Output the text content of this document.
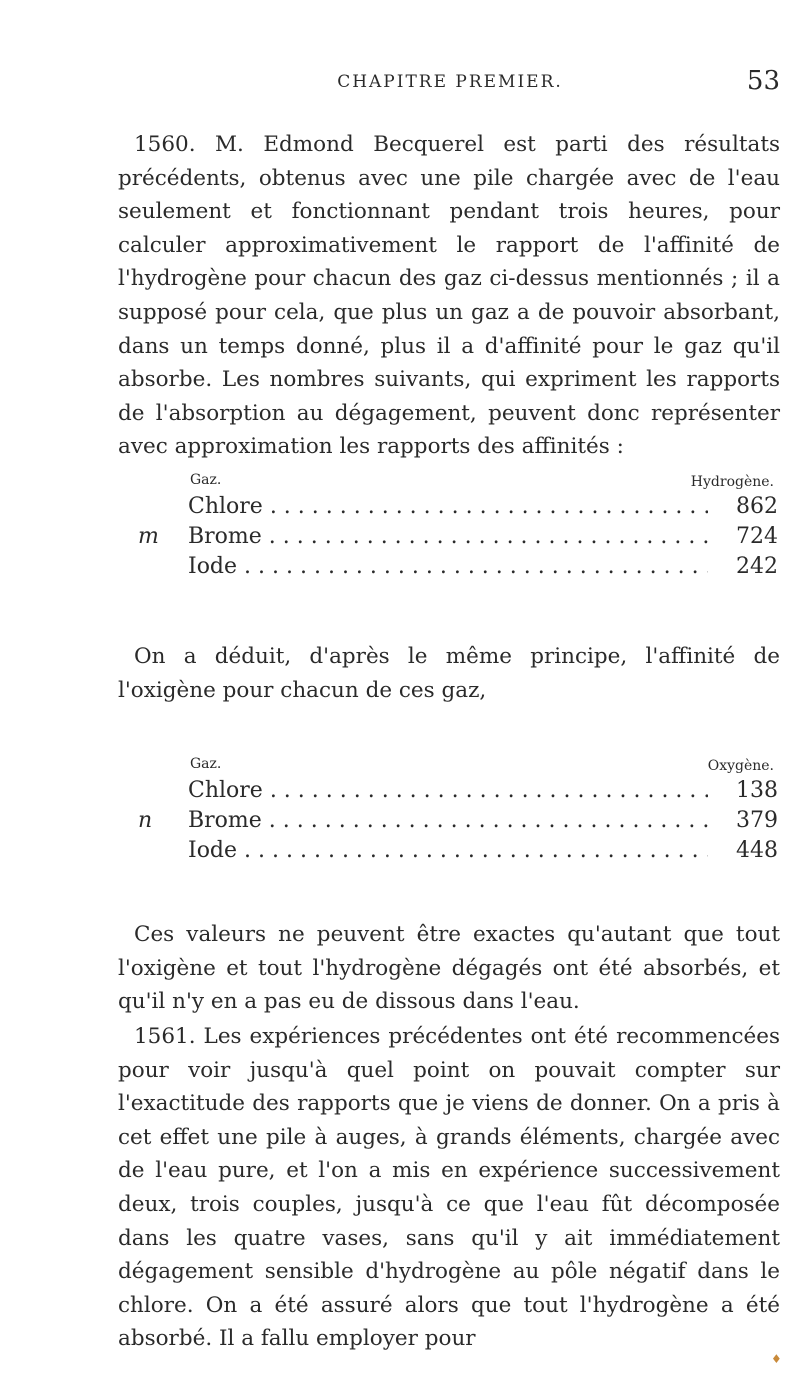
CHAPITRE PREMIER.	53

1560. M. Edmond Becquerel est parti des résultats précédents, obtenus avec une pile chargée avec de l'eau seulement et fonctionnant pendant trois heures, pour calculer approximativement le rapport de l'affinité de l'hydrogène pour chacun des gaz ci-dessus mentionnés ; il a supposé pour cela, que plus un gaz a de pouvoir absorbant, dans un temps donné, plus il a d'affinité pour le gaz qu'il absorbe. Les nombres suivants, qui expriment les rapports de l'absorption au dégagement, peuvent donc représenter avec approximation les rapports des affinités :

Gaz.	Hydrogène.
Chlore . . .	862
m Brome . . .	724
Iode . . .	242

On a déduit, d'après le même principe, l'affinité de l'oxigène pour chacun de ces gaz,

Gaz.	Oxygène.
Chlore . . .	138
n Brome . . .	379
Iode . . .	448

Ces valeurs ne peuvent être exactes qu'autant que tout l'oxigène et tout l'hydrogène dégagés ont été absorbés, et qu'il n'y en a pas eu de dissous dans l'eau.

1561. Les expériences précédentes ont été recommencées pour voir jusqu'à quel point on pouvait compter sur l'exactitude des rapports que je viens de donner. On a pris à cet effet une pile à auges, à grands éléments, chargée avec de l'eau pure, et l'on a mis en expérience successivement deux, trois couples, jusqu'à ce que l'eau fût décomposée dans les quatre vases, sans qu'il y ait immédiatement dégagement sensible d'hydrogène au pôle négatif dans le chlore. On a été assuré alors que tout l'hydrogène a été absorbé. Il a fallu employer pour

♦
